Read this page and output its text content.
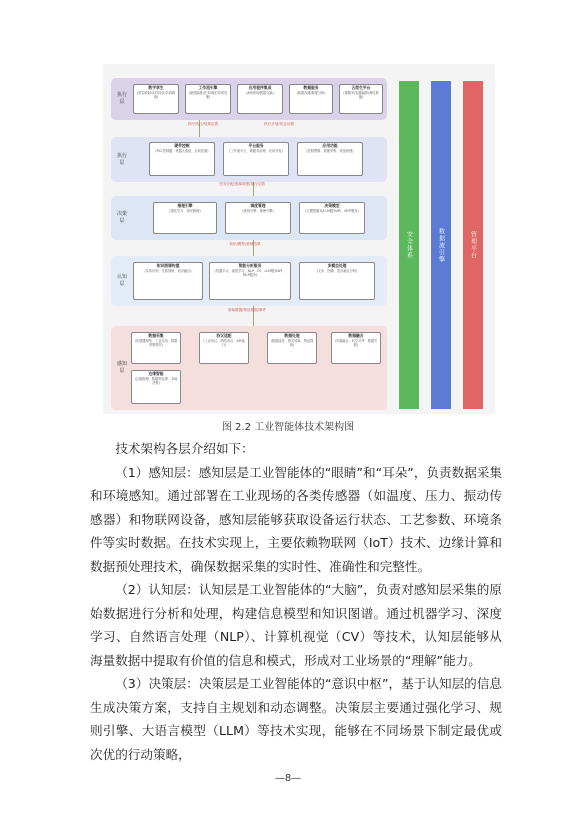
执行层
执行层
决策层
认知层
感知层
数字孪生
(虚实映射/实时同步/仿真推演)
工作流引擎
(流程编排/任务调度/异常处理)
应用程序集成
(API调用/数据交换)
数据服务
(数据存储/数据分析)
云原生平台
(微服务/容器编排/弹性伸缩)
指令执行/结果反馈	执行计划/状态反馈
硬件控制
(PLC控制器、机器人系统、运动控制)
平台服务
(工作流平台、微服务治理、应用开发)
应用功能
(控制逻辑、数据采集、设备管理)
任务分配/资源调度/执行反馈
推理引擎
(强化学习、知识推理)
调度管理
(规则引擎、推理引擎)
决策模型
(大模型服务/LLM服务API、MCP服务)
知识/模型/推理结果
知识图谱构建
(实体识别、关系抽取、知识融合)
智能分析服务
(机器学习、深度学习、NLP、CV、LLM服务API、MCP服务)
多模态处理
(文本、图像、语音融合分析)
原始数据/特征数据/事件
数据采集
(传感器网络、工业总线、数据采集网关)
协议适配
(工业协议、网络协议、API接口)
数据处理
(数据清洗、格式转换、特征提取)
数据融合
(多源融合、时空对齐、数据关联)
边缘智能
(边缘推理、数据预处理、本地决策)
安全体系	数据流引擎	管理平台
图 2.2 工业智能体技术架构图

技术架构各层介绍如下：

（1）感知层：感知层是工业智能体的“眼睛”和“耳朵”，负责数据采集和环境感知。通过部署在工业现场的各类传感器（如温度、压力、振动传感器）和物联网设备，感知层能够获取设备运行状态、工艺参数、环境条件等实时数据。在技术实现上，主要依赖物联网（IoT）技术、边缘计算和数据预处理技术，确保数据采集的实时性、准确性和完整性。

（2）认知层：认知层是工业智能体的“大脑”，负责对感知层采集的原始数据进行分析和处理，构建信息模型和知识图谱。通过机器学习、深度学习、自然语言处理（NLP）、计算机视觉（CV）等技术，认知层能够从海量数据中提取有价值的信息和模式，形成对工业场景的“理解”能力。

（3）决策层：决策层是工业智能体的“意识中枢”，基于认知层的信息生成决策方案，支持自主规划和动态调整。决策层主要通过强化学习、规则引擎、大语言模型（LLM）等技术实现，能够在不同场景下制定最优或次优的行动策略，

—8—
